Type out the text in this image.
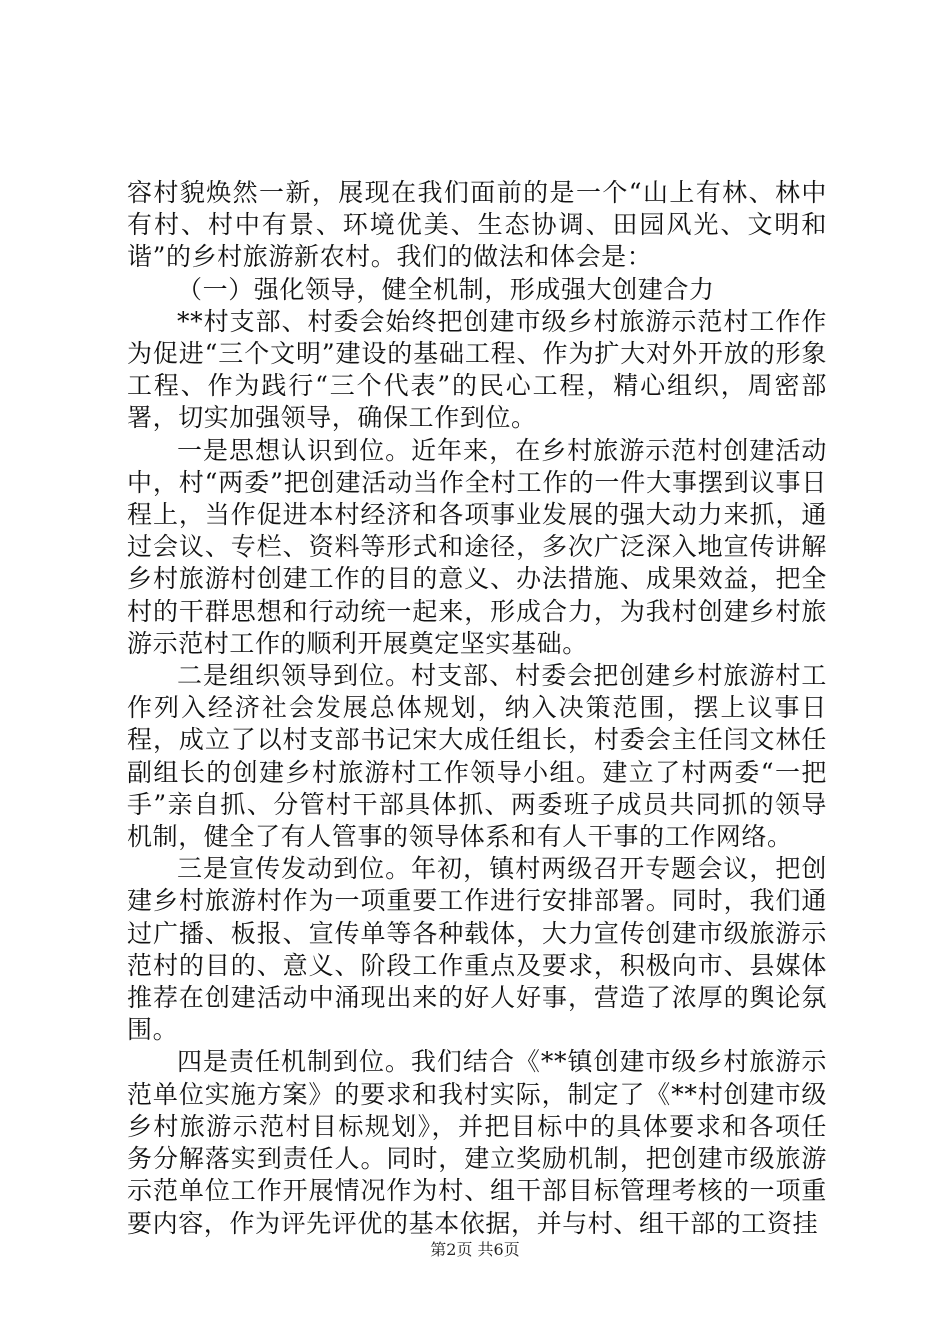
容村貌焕然一新，展现在我们面前的是一个“山上有林、林中有村、村中有景、环境优美、生态协调、田园风光、文明和谐”的乡村旅游新农村。我们的做法和体会是：

（一）强化领导，健全机制，形成强大创建合力

**村支部、村委会始终把创建市级乡村旅游示范村工作作为促进“三个文明”建设的基础工程、作为扩大对外开放的形象工程、作为践行“三个代表”的民心工程，精心组织，周密部署，切实加强领导，确保工作到位。

一是思想认识到位。近年来，在乡村旅游示范村创建活动中，村“两委”把创建活动当作全村工作的一件大事摆到议事日程上，当作促进本村经济和各项事业发展的强大动力来抓，通过会议、专栏、资料等形式和途径，多次广泛深入地宣传讲解乡村旅游村创建工作的目的意义、办法措施、成果效益，把全村的干群思想和行动统一起来，形成合力，为我村创建乡村旅游示范村工作的顺利开展奠定坚实基础。

二是组织领导到位。村支部、村委会把创建乡村旅游村工作列入经济社会发展总体规划，纳入决策范围，摆上议事日程，成立了以村支部书记宋大成任组长，村委会主任闫文林任副组长的创建乡村旅游村工作领导小组。建立了村两委“一把手”亲自抓、分管村干部具体抓、两委班子成员共同抓的领导机制，健全了有人管事的领导体系和有人干事的工作网络。

三是宣传发动到位。年初，镇村两级召开专题会议，把创建乡村旅游村作为一项重要工作进行安排部署。同时，我们通过广播、板报、宣传单等各种载体，大力宣传创建市级旅游示范村的目的、意义、阶段工作重点及要求，积极向市、县媒体推荐在创建活动中涌现出来的好人好事，营造了浓厚的舆论氛围。

四是责任机制到位。我们结合《**镇创建市级乡村旅游示范单位实施方案》的要求和我村实际，制定了《**村创建市级乡村旅游示范村目标规划》，并把目标中的具体要求和各项任务分解落实到责任人。同时，建立奖励机制，把创建市级旅游示范单位工作开展情况作为村、组干部目标管理考核的一项重要内容，作为评先评优的基本依据，并与村、组干部的工资挂

第2页 共6页
